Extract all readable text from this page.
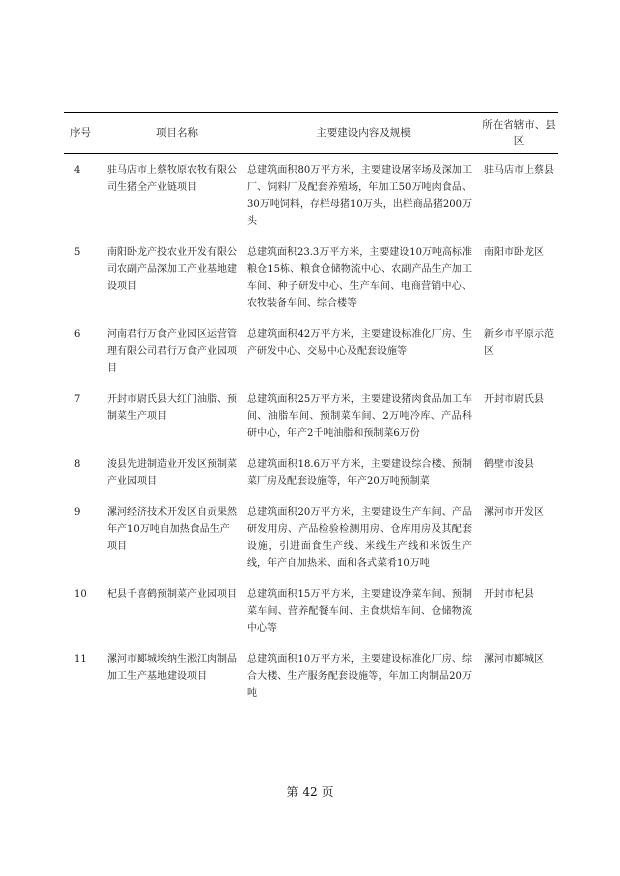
序号	项目名称	主要建设内容及规模	所在省辖市、县区
4	驻马店市上蔡牧原农牧有限公司生猪全产业链项目	总建筑面积80万平方米，主要建设屠宰场及深加工厂、饲料厂及配套养殖场，年加工50万吨肉食品、30万吨饲料，存栏母猪10万头，出栏商品猪200万头	驻马店市上蔡县
5	南阳卧龙产投农业开发有限公司农副产品深加工产业基地建设项目	总建筑面积23.3万平方米，主要建设10万吨高标准粮仓15栋、粮食仓储物流中心、农副产品生产加工车间、种子研发中心、生产车间、电商营销中心、农牧装备车间、综合楼等	南阳市卧龙区
6	河南君行万食产业园区运营管理有限公司君行万食产业园项目	总建筑面积42万平方米，主要建设标准化厂房、生产研发中心、交易中心及配套设施等	新乡市平原示范区
7	开封市尉氏县大红门油脂、预制菜生产项目	总建筑面积25万平方米，主要建设猪肉食品加工车间、油脂车间、预制菜车间、2万吨冷库、产品科研中心，年产2千吨油脂和预制菜6万份	开封市尉氏县
8	浚县先进制造业开发区预制菜产业园项目	总建筑面积18.6万平方米，主要建设综合楼、预制菜厂房及配套设施等，年产20万吨预制菜	鹤壁市浚县
9	漯河经济技术开发区自贡果然年产10万吨自加热食品生产项目	总建筑面积20万平方米，主要建设生产车间、产品研发用房、产品检验检测用房、仓库用房及其配套设施，引进面食生产线、米线生产线和米饭生产线，年产自加热米、面和各式菜肴10万吨	漯河市开发区
10	杞县千喜鹤预制菜产业园项目	总建筑面积15万平方米，主要建设净菜车间、预制菜车间、营养配餐车间、主食烘焙车间、仓储物流中心等	开封市杞县
11	漯河市郾城埃纳生淞江肉制品加工生产基地建设项目	总建筑面积10万平方米，主要建设标准化厂房、综合大楼、生产服务配套设施等，年加工肉制品20万吨	漯河市郾城区
第 42 页
